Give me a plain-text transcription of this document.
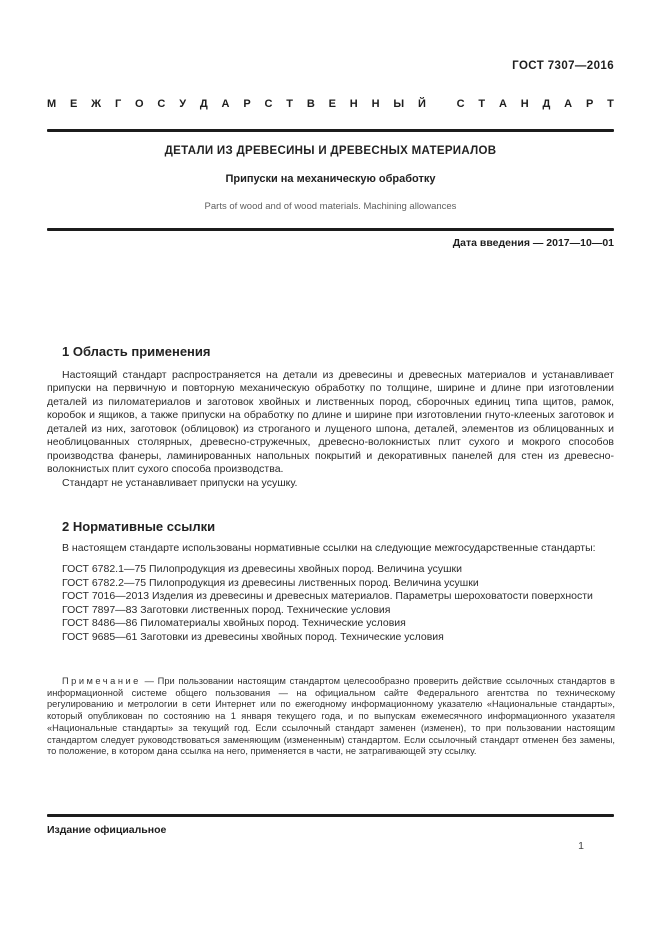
ГОСТ 7307—2016
М Е Ж Г О С У Д А Р С Т В Е Н Н Ы Й
	С Т А Н Д А Р Т
ДЕТАЛИ ИЗ ДРЕВЕСИНЫ И ДРЕВЕСНЫХ МАТЕРИАЛОВ
Припуски на механическую обработку
Parts of wood and of wood materials. Machining allowances
Дата введения — 2017—10—01
1 Область применения

Настоящий стандарт распространяется на детали из древесины и древесных материалов и устанавливает припуски на первичную и повторную механическую обработку по толщине, ширине и длине при изготовлении деталей из пиломатериалов и заготовок хвойных и лиственных пород, сборочных единиц типа щитов, рамок, коробок и ящиков, а также припуски на обработку по длине и ширине при изготовлении гнуто-клееных заготовок и деталей из них, заготовок (облицовок) из строганого и лущеного шпона, деталей, элементов из облицованных и необлицованных столярных, древесно-стружечных, древесно-волокнистых плит сухого и мокрого способов производства фанеры, ламинированных напольных покрытий и декоративных панелей для стен из древесно-волокнистых плит сухого способа производства.

Стандарт не устанавливает припуски на усушку.

2 Нормативные ссылки

В настоящем стандарте использованы нормативные ссылки на следующие межгосударственные стандарты:

ГОСТ 6782.1—75 Пилопродукция из древесины хвойных пород. Величина усушки

ГОСТ 6782.2—75 Пилопродукция из древесины лиственных пород. Величина усушки

ГОСТ 7016—2013 Изделия из древесины и древесных материалов. Параметры шероховатости поверхности

ГОСТ 7897—83 Заготовки лиственных пород. Технические условия

ГОСТ 8486—86 Пиломатериалы хвойных пород. Технические условия

ГОСТ 9685—61 Заготовки из древесины хвойных пород. Технические условия

Примечание — При пользовании настоящим стандартом целесообразно проверить действие ссылочных стандартов в информационной системе общего пользования — на официальном сайте Федерального агентства по техническому регулированию и метрологии в сети Интернет или по ежегодному информационному указателю «Национальные стандарты», который опубликован по состоянию на 1 января текущего года, и по выпускам ежемесячного информационного указателя «Национальные стандарты» за текущий год. Если ссылочный стандарт заменен (изменен), то при пользовании настоящим стандартом следует руководствоваться заменяющим (измененным) стандартом. Если ссылочный стандарт отменен без замены, то положение, в котором дана ссылка на него, применяется в части, не затрагивающей эту ссылку.

Издание официальное
1
